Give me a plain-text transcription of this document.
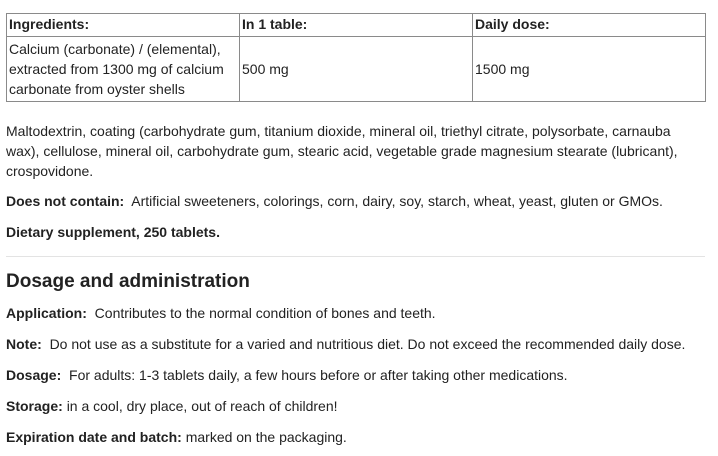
Ingredients:	In 1 table:	Daily dose:
Calcium (carbonate) / (elemental), extracted from 1300 mg of calcium carbonate from oyster shells	500 mg	1500 mg

Maltodextrin, coating (carbohydrate gum, titanium dioxide, mineral oil, triethyl citrate, polysorbate, carnauba wax), cellulose, mineral oil, carbohydrate gum, stearic acid, vegetable grade magnesium stearate (lubricant), crospovidone.

Does not contain: Artificial sweeteners, colorings, corn, dairy, soy, starch, wheat, yeast, gluten or GMOs.

Dietary supplement, 250 tablets.

Dosage and administration

Application: Contributes to the normal condition of bones and teeth.

Note: Do not use as a substitute for a varied and nutritious diet. Do not exceed the recommended daily dose.

Dosage: For adults: 1-3 tablets daily, a few hours before or after taking other medications.

Storage: in a cool, dry place, out of reach of children!

Expiration date and batch: marked on the packaging.
